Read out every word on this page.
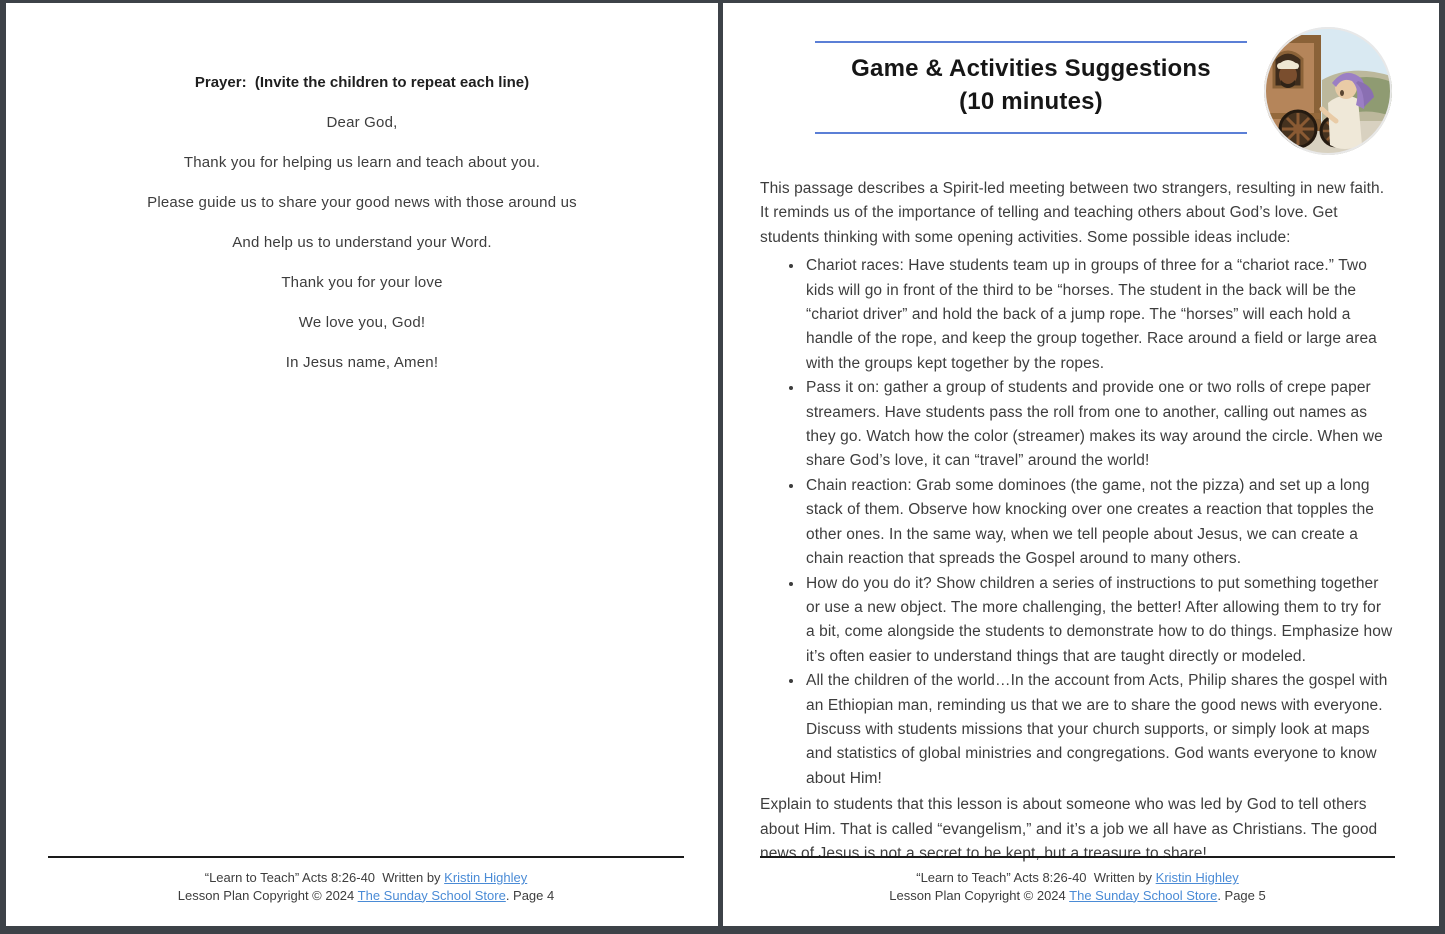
Prayer:  (Invite the children to repeat each line)

Dear God,

Thank you for helping us learn and teach about you.

Please guide us to share your good news with those around us

And help us to understand your Word.

Thank you for your love

We love you, God!

In Jesus name, Amen!

“Learn to Teach” Acts 8:26-40  Written by Kristin Highley
Lesson Plan Copyright © 2024 The Sunday School Store. Page 4
Game & Activities Suggestions
(10 minutes)

This passage describes a Spirit-led meeting between two strangers, resulting in new faith. It reminds us of the importance of telling and teaching others about God’s love. Get students thinking with some opening activities. Some possible ideas include:

• Chariot races: Have students team up in groups of three for a “chariot race.” Two kids will go in front of the third to be “horses. The student in the back will be the “chariot driver” and hold the back of a jump rope. The “horses” will each hold a handle of the rope, and keep the group together. Race around a field or large area with the groups kept together by the ropes.
• Pass it on: gather a group of students and provide one or two rolls of crepe paper streamers. Have students pass the roll from one to another, calling out names as they go. Watch how the color (streamer) makes its way around the circle. When we share God’s love, it can “travel” around the world!
• Chain reaction: Grab some dominoes (the game, not the pizza) and set up a long stack of them. Observe how knocking over one creates a reaction that topples the other ones. In the same way, when we tell people about Jesus, we can create a chain reaction that spreads the Gospel around to many others.
• How do you do it? Show children a series of instructions to put something together or use a new object. The more challenging, the better! After allowing them to try for a bit, come alongside the students to demonstrate how to do things. Emphasize how it’s often easier to understand things that are taught directly or modeled.
• All the children of the world…In the account from Acts, Philip shares the gospel with an Ethiopian man, reminding us that we are to share the good news with everyone. Discuss with students missions that your church supports, or simply look at maps and statistics of global ministries and congregations. God wants everyone to know about Him!

Explain to students that this lesson is about someone who was led by God to tell others about Him. That is called “evangelism,” and it’s a job we all have as Christians. The good news of Jesus is not a secret to be kept, but a treasure to share!

“Learn to Teach” Acts 8:26-40  Written by Kristin Highley
Lesson Plan Copyright © 2024 The Sunday School Store. Page 5
